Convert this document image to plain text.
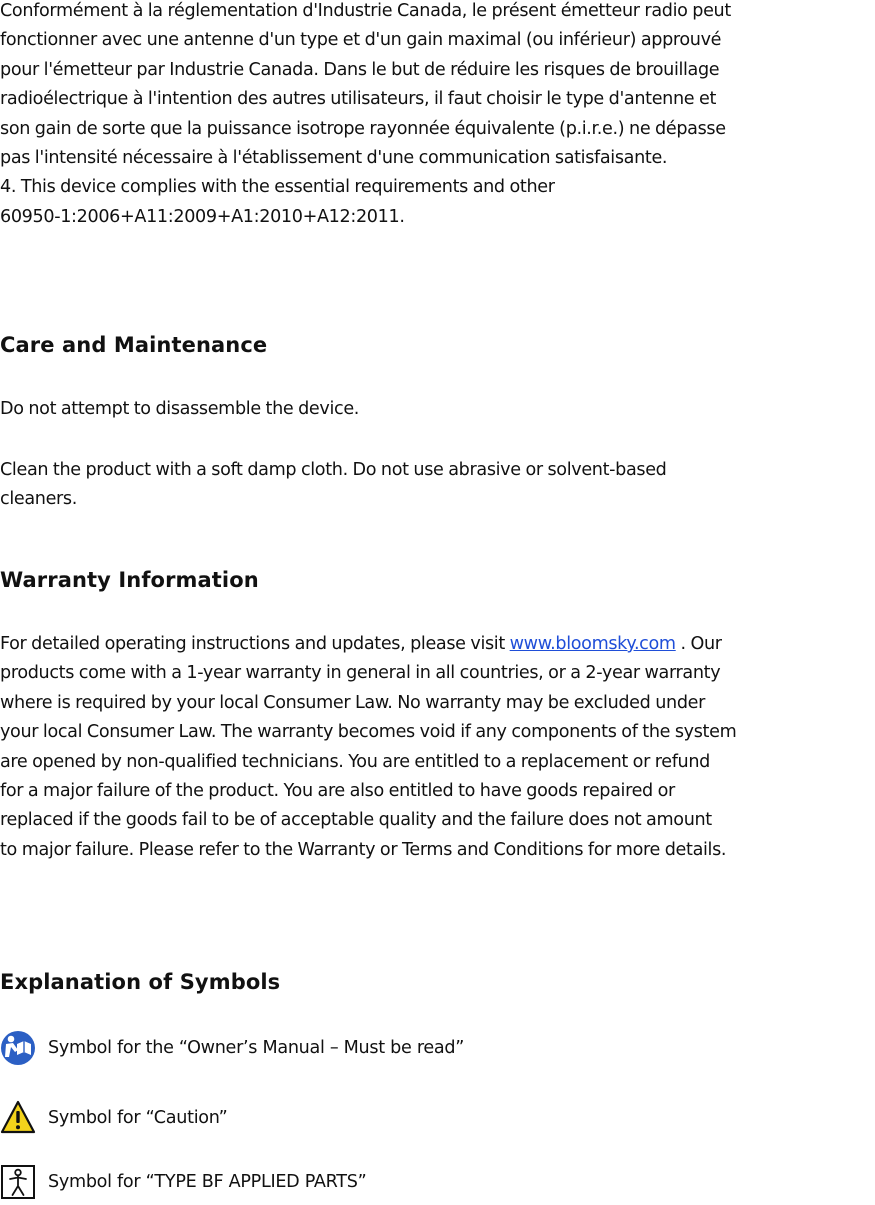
Conformément à la réglementation d'Industrie Canada, le présent émetteur radio peut

fonctionner avec une antenne d'un type et d'un gain maximal (ou inférieur) approuvé

pour l'émetteur par Industrie Canada. Dans le but de réduire les risques de brouillage

radioélectrique à l'intention des autres utilisateurs, il faut choisir le type d'antenne et

son gain de sorte que la puissance isotrope rayonnée équivalente (p.i.r.e.) ne dépasse

pas l'intensité nécessaire à l'établissement d'une communication satisfaisante.

4. This device complies with the essential requirements and other

60950-1:2006+A11:2009+A1:2010+A12:2011.

Care and Maintenance

Do not attempt to disassemble the device.

Clean the product with a soft damp cloth. Do not use abrasive or solvent-based

cleaners.

Warranty Information

For detailed operating instructions and updates, please visit www.bloomsky.com . Our

products come with a 1-year warranty in general in all countries, or a 2-year warranty

where is required by your local Consumer Law. No warranty may be excluded under

your local Consumer Law. The warranty becomes void if any components of the system

are opened by non-qualified technicians. You are entitled to a replacement or refund

for a major failure of the product. You are also entitled to have goods repaired or

replaced if the goods fail to be of acceptable quality and the failure does not amount

to major failure. Please refer to the Warranty or Terms and Conditions for more details.

Explanation of Symbols
Symbol for the “Owner’s Manual – Must be read”
Symbol for “Caution”
Symbol for “TYPE BF APPLIED PARTS”
